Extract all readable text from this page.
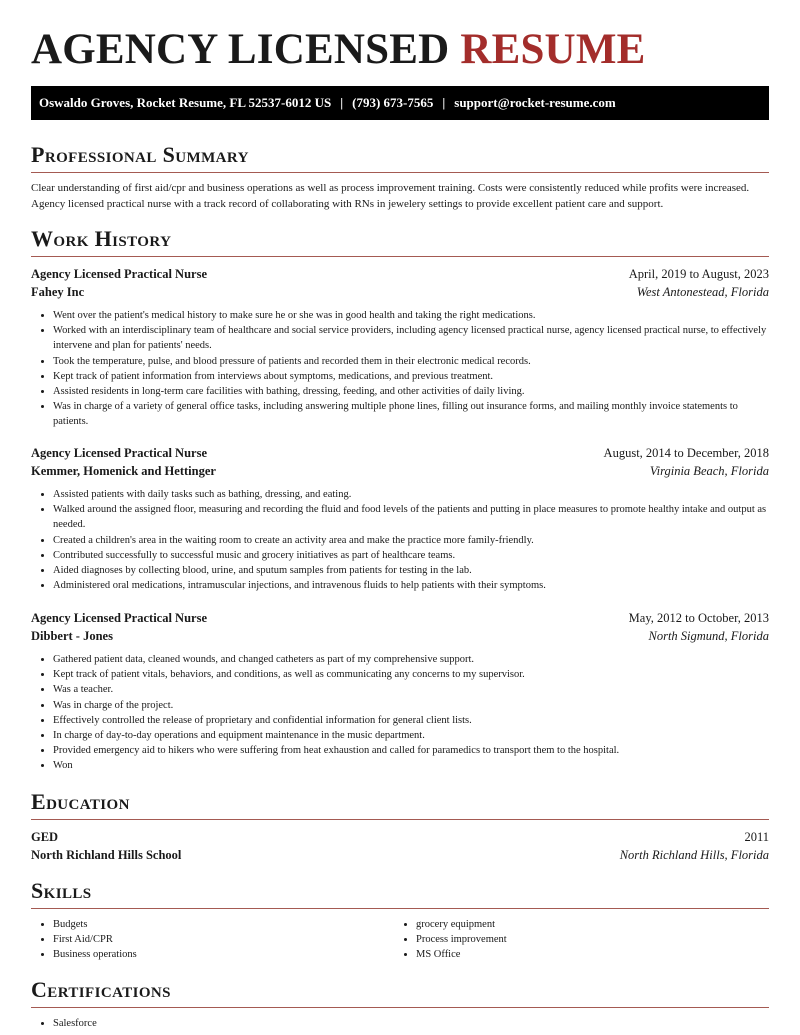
AGENCY LICENSED RESUME
Oswaldo Groves, Rocket Resume, FL 52537-6012 US | (793) 673-7565 | support@rocket-resume.com
Professional Summary

Clear understanding of first aid/cpr and business operations as well as process improvement training. Costs were consistently reduced while profits were increased. Agency licensed practical nurse with a track record of collaborating with RNs in jewelery settings to provide excellent patient care and support.

Work History
Agency Licensed Practical Nurse	April, 2019 to August, 2023
Fahey Inc	West Antonestead, Florida
• Went over the patient's medical history to make sure he or she was in good health and taking the right medications.
• Worked with an interdisciplinary team of healthcare and social service providers, including agency licensed practical nurse, agency licensed practical nurse, to effectively intervene and plan for patients' needs.
• Took the temperature, pulse, and blood pressure of patients and recorded them in their electronic medical records.
• Kept track of patient information from interviews about symptoms, medications, and previous treatment.
• Assisted residents in long-term care facilities with bathing, dressing, feeding, and other activities of daily living.
• Was in charge of a variety of general office tasks, including answering multiple phone lines, filling out insurance forms, and mailing monthly invoice statements to patients.
Agency Licensed Practical Nurse	August, 2014 to December, 2018
Kemmer, Homenick and Hettinger	Virginia Beach, Florida
• Assisted patients with daily tasks such as bathing, dressing, and eating.
• Walked around the assigned floor, measuring and recording the fluid and food levels of the patients and putting in place measures to promote healthy intake and output as needed.
• Created a children's area in the waiting room to create an activity area and make the practice more family-friendly.
• Contributed successfully to successful music and grocery initiatives as part of healthcare teams.
• Aided diagnoses by collecting blood, urine, and sputum samples from patients for testing in the lab.
• Administered oral medications, intramuscular injections, and intravenous fluids to help patients with their symptoms.
Agency Licensed Practical Nurse	May, 2012 to October, 2013
Dibbert - Jones	North Sigmund, Florida
• Gathered patient data, cleaned wounds, and changed catheters as part of my comprehensive support.
• Kept track of patient vitals, behaviors, and conditions, as well as communicating any concerns to my supervisor.
• Was a teacher.
• Was in charge of the project.
• Effectively controlled the release of proprietary and confidential information for general client lists.
• In charge of day-to-day operations and equipment maintenance in the music department.
• Provided emergency aid to hikers who were suffering from heat exhaustion and called for paramedics to transport them to the hospital.
• Won
Education
GED	2011
North Richland Hills School	North Richland Hills, Florida
Skills
• Budgets
• First Aid/CPR
• Business operations
• grocery equipment
• Process improvement
• MS Office
Certifications
• Salesforce
